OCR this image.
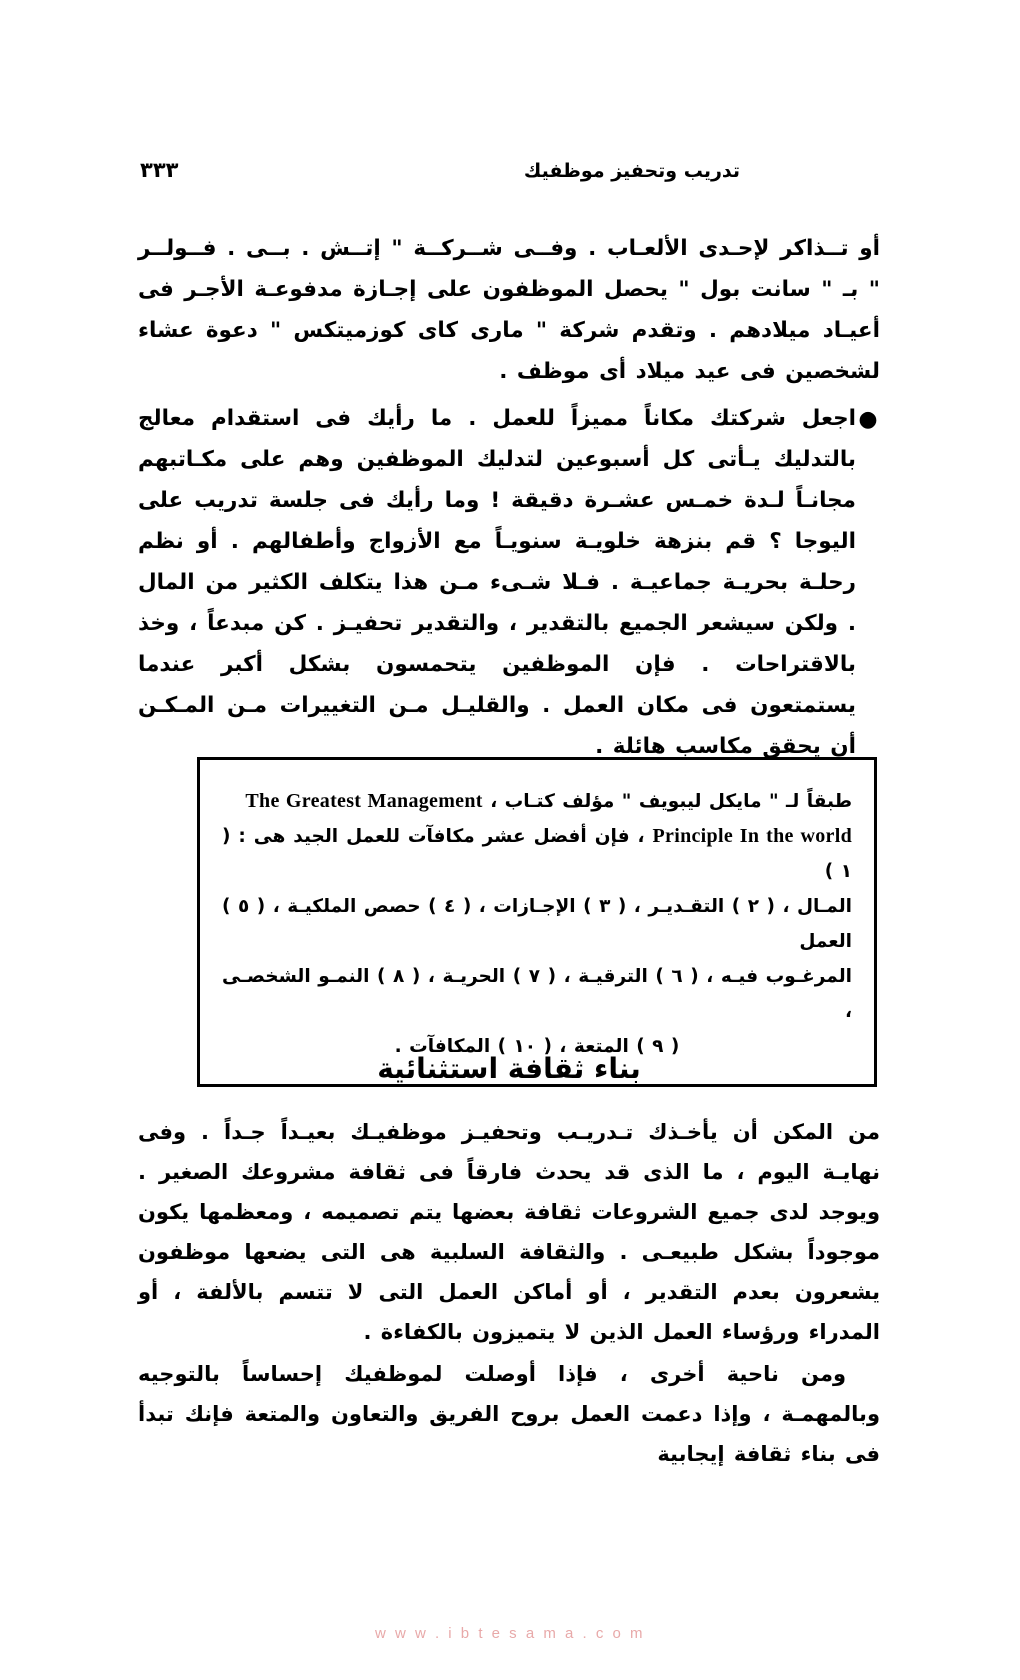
٣٣٣	تدريب وتحفيز موظفيك

أو تــذاكر لإحـدى الألعـاب . وفــى شــركــة " إتــش . بــى . فــولــر " بـ " سانت بول " يحصل الموظفون على إجـازة مدفوعـة الأجـر فى أعيـاد ميلادهم . وتقدم شركة " مارى كاى كوزميتكس " دعوة عشاء لشخصين فى عيد ميلاد أى موظف .

●
اجعل شركتك مكاناً مميزاً للعمل . ما رأيك فى استقدام معالج بالتدليك يـأتى كل أسبوعين لتدليك الموظفين وهم على مكـاتبهم مجانـاً لـدة خمـس عشـرة دقيقة ! وما رأيك فى جلسة تدريب على اليوجا ؟ قم بنزهة خلويـة سنويـاً مع الأزواج وأطفالهم . أو نظم رحلـة بحريـة جماعيـة . فـلا شـىء مـن هذا يتكلف الكثير من المال . ولكن سيشعر الجميع بالتقدير ، والتقدير تحفيـز . كن مبدعاً ، وخذ بالاقتراحات . فإن الموظفين يتحمسون بشكل أكبر عندما يستمتعون فى مكان العمل . والقليـل مـن التغييرات مـن المـكـن أن يحقق مكاسب هائلة .

طبقاً لـ " مايكل ليبويف " مؤلف كتـاب ، The Greatest Management

Principle In the world ، فإن أفضل عشر مكافآت للعمل الجيد هى : ( ١ )

المـال ، ( ٢ ) التقـديـر ، ( ٣ ) الإجـازات ، ( ٤ ) حصص الملكيـة ، ( ٥ ) العمل

المرغـوب فيـه ، ( ٦ ) الترقيـة ، ( ٧ ) الحريـة ، ( ٨ ) النمـو الشخصـى ،

( ٩ ) المتعة ، ( ١٠ ) المكافآت .

بناء ثقافة استثنائية

من المكن أن يأخـذك تـدريـب وتحفيـز موظفيـك بعيـداً جـداً . وفى نهايـة اليوم ، ما الذى قد يحدث فارقاً فى ثقافة مشروعك الصغير . ويوجد لدى جميع الشروعات ثقافة بعضها يتم تصميمه ، ومعظمها يكون موجوداً بشكل طبيعـى . والثقافة السلبية هى التى يضعها موظفون يشعرون بعدم التقدير ، أو أماكن العمل التى لا تتسم بالألفة ، أو المدراء ورؤساء العمل الذين لا يتميزون بالكفاءة .

ومن ناحية أخرى ، فإذا أوصلت لموظفيك إحساساً بالتوجيه وبالمهمـة ، وإذا دعمت العمل بروح الفريق والتعاون والمتعة فإنك تبدأ فى بناء ثقافة إيجابية

w w w . i b t e s a m a . c o m
